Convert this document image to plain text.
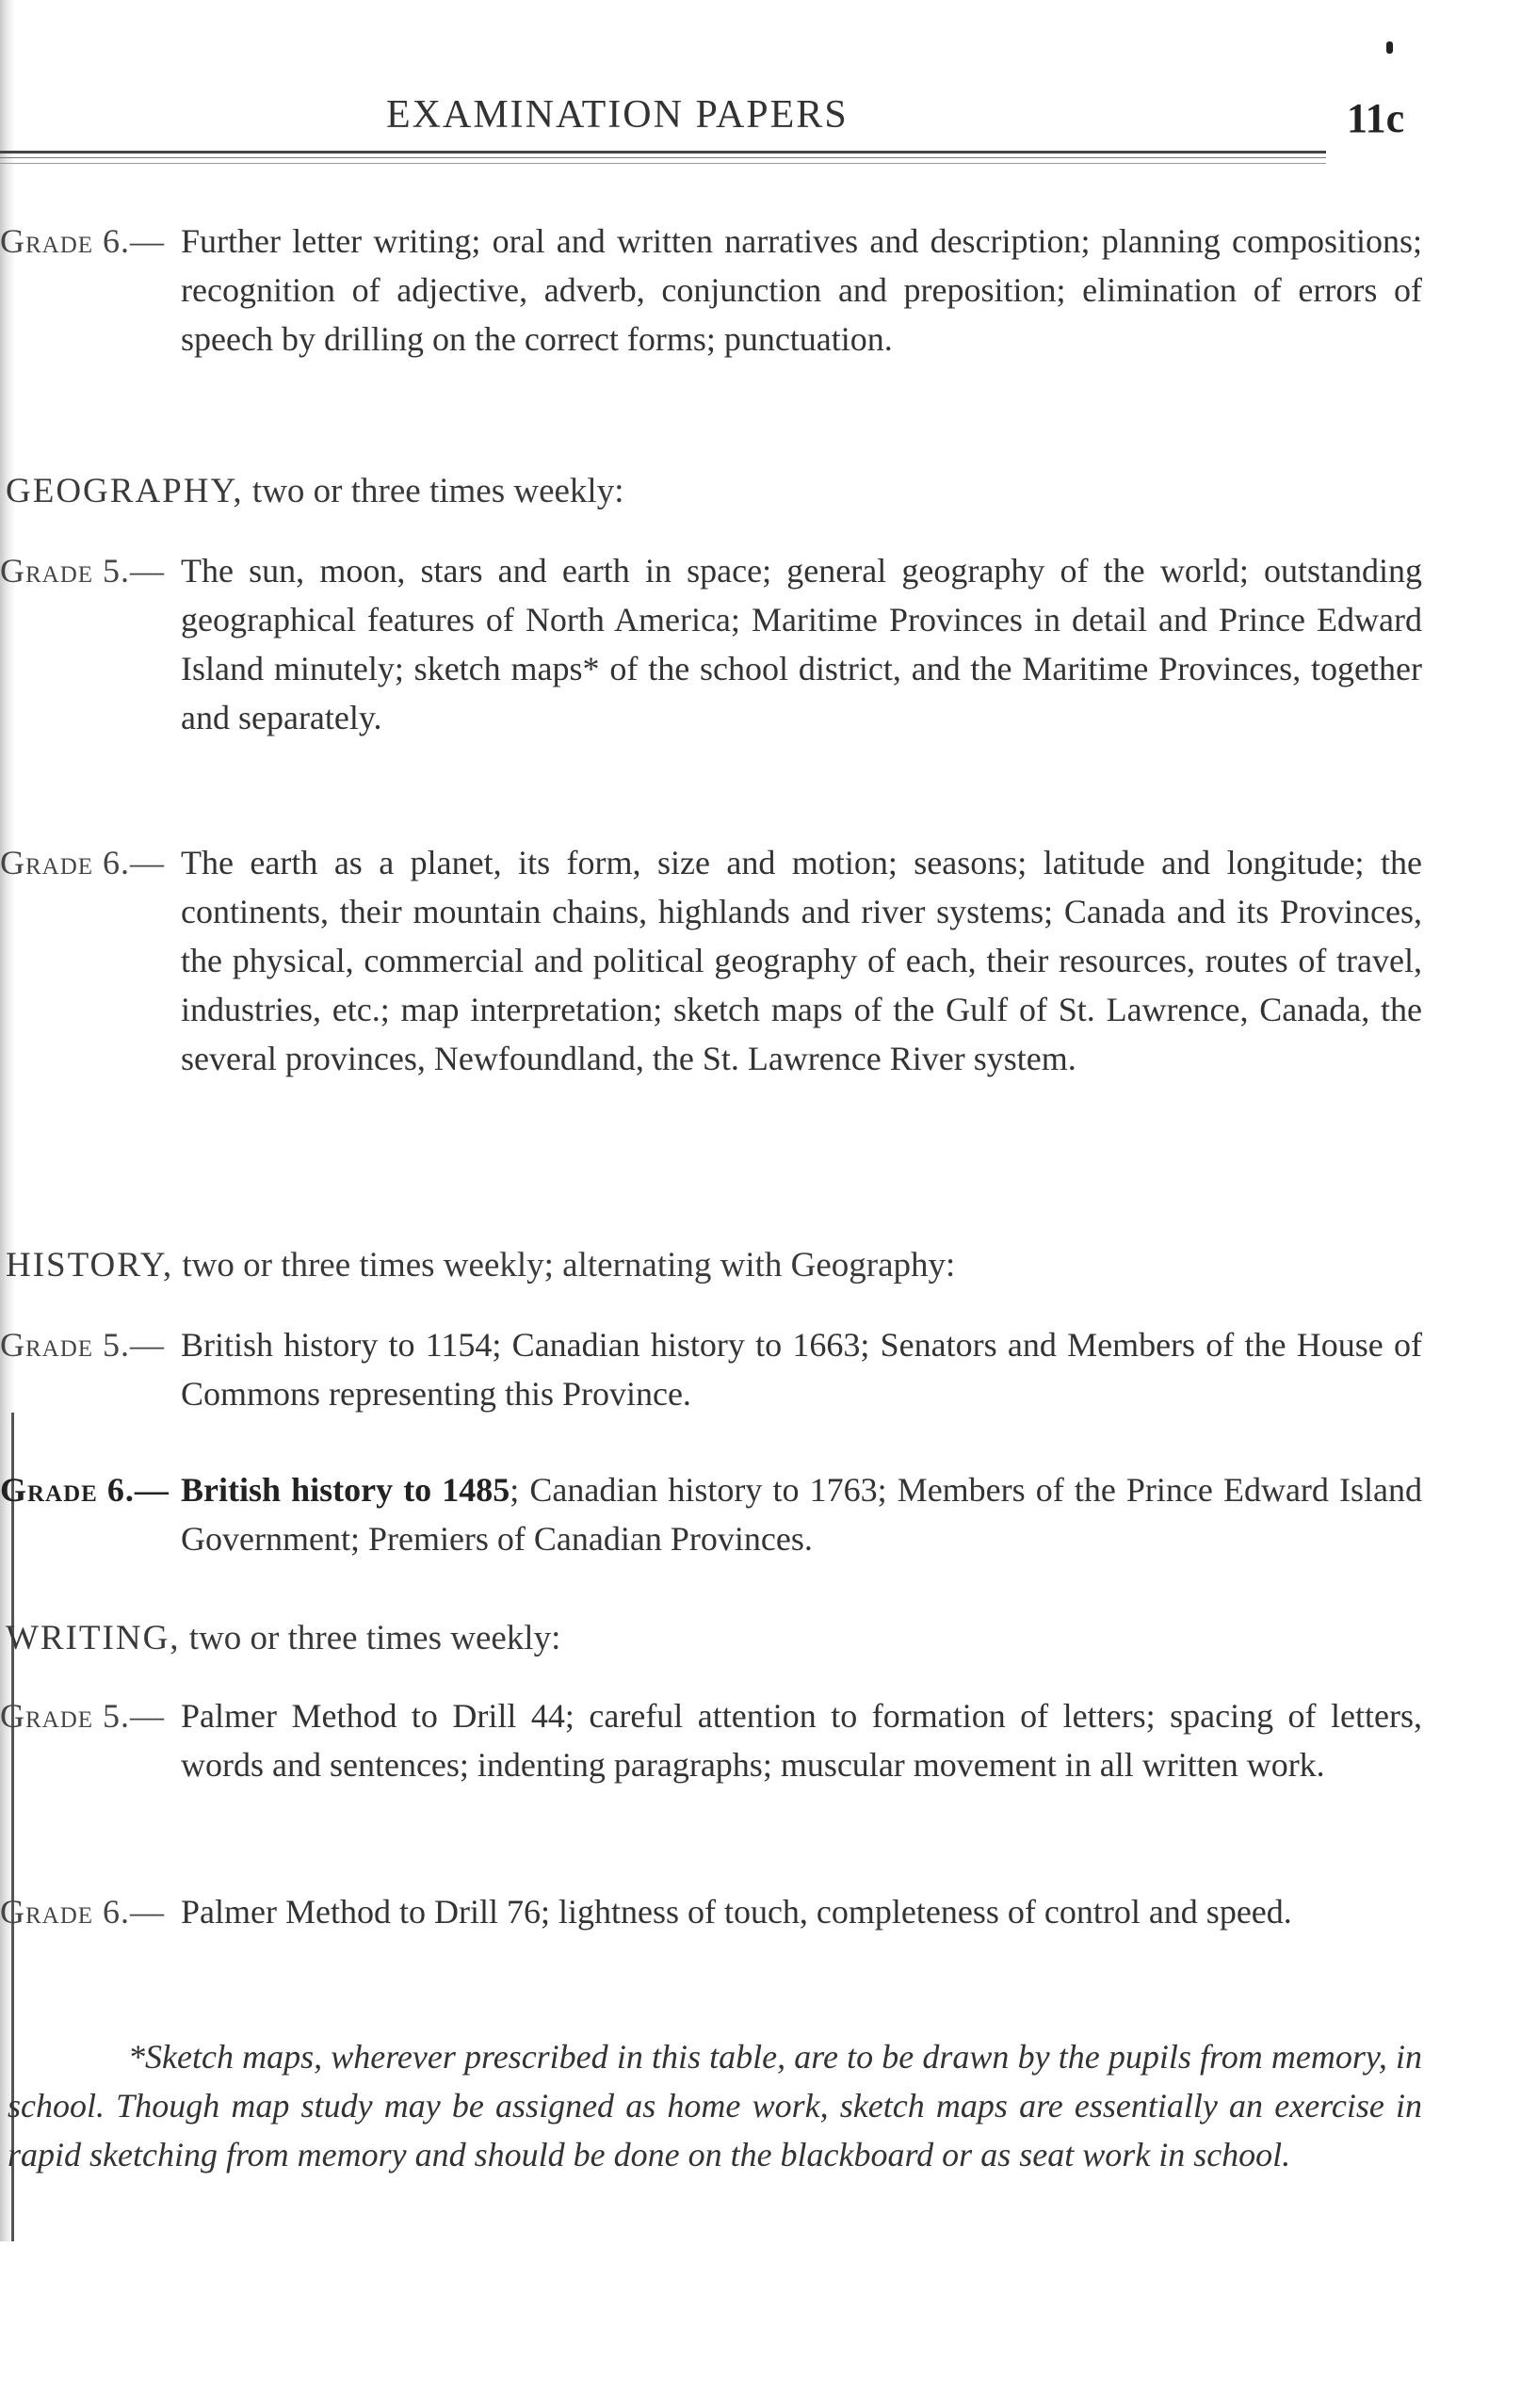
EXAMINATION PAPERS	11c
Grade 6.— Further letter writing; oral and written narratives and description; planning compositions; recognition of adjective, adverb, conjunction and preposition; elimination of errors of speech by drilling on the correct forms; punctuation.
GEOGRAPHY, two or three times weekly:
Grade 5.— The sun, moon, stars and earth in space; general geography of the world; outstanding geographical features of North America; Maritime Provinces in detail and Prince Edward Island minutely; sketch maps* of the school district, and the Maritime Provinces, together and separately.
Grade 6.— The earth as a planet, its form, size and motion; seasons; latitude and longitude; the continents, their mountain chains, highlands and river systems; Canada and its Provinces, the physical, commercial and political geography of each, their resources, routes of travel, industries, etc.; map interpretation; sketch maps of the Gulf of St. Lawrence, Canada, the several provinces, Newfoundland, the St. Lawrence River system.
HISTORY, two or three times weekly; alternating with Geography:
Grade 5.— British history to 1154; Canadian history to 1663; Senators and Members of the House of Commons representing this Province.
Grade 6.— British history to 1485; Canadian history to 1763; Members of the Prince Edward Island Government; Premiers of Canadian Provinces.
WRITING, two or three times weekly:
Grade 5.— Palmer Method to Drill 44; careful attention to formation of letters; spacing of letters, words and sentences; indenting paragraphs; muscular movement in all written work.
Grade 6.— Palmer Method to Drill 76; lightness of touch, completeness of control and speed.
*Sketch maps, wherever prescribed in this table, are to be drawn by the pupils from memory, in school. Though map study may be assigned as home work, sketch maps are essentially an exercise in rapid sketching from memory and should be done on the blackboard or as seat work in school.
